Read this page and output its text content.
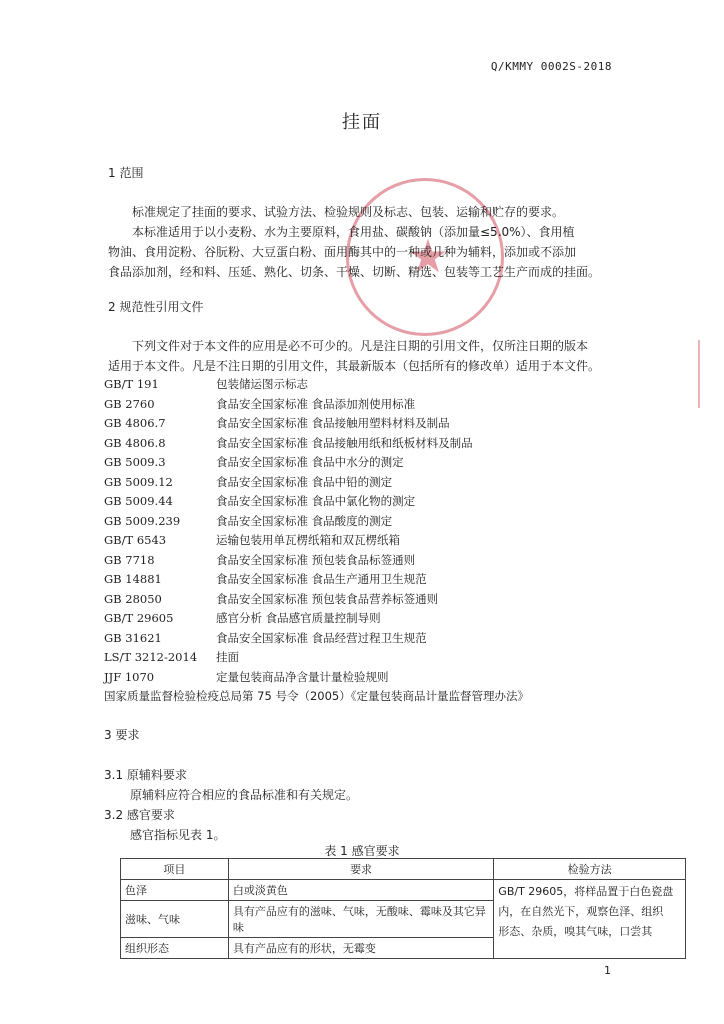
Q/KMMY 0002S-2018
挂面
★
1 范围
标准规定了挂面的要求、试验方法、检验规则及标志、包装、运输和贮存的要求。
本标准适用于以小麦粉、水为主要原料，食用盐、碳酸钠（添加量≤5.0%）、食用植
物油、食用淀粉、谷朊粉、大豆蛋白粉、面用酶其中的一种或几种为辅料，添加或不添加
食品添加剂，经和料、压延、熟化、切条、干燥、切断、精选、包装等工艺生产而成的挂面。
2 规范性引用文件
下列文件对于本文件的应用是必不可少的。凡是注日期的引用文件，仅所注日期的版本
适用于本文件。凡是不注日期的引用文件，其最新版本（包括所有的修改单）适用于本文件。
GB/T 191	包装储运图示标志
GB 2760	食品安全国家标准 食品添加剂使用标准
GB 4806.7	食品安全国家标准 食品接触用塑料材料及制品
GB 4806.8	食品安全国家标准 食品接触用纸和纸板材料及制品
GB 5009.3	食品安全国家标准 食品中水分的测定
GB 5009.12	食品安全国家标准 食品中铅的测定
GB 5009.44	食品安全国家标准 食品中氯化物的测定
GB 5009.239	食品安全国家标准 食品酸度的测定
GB/T 6543	运输包装用单瓦楞纸箱和双瓦楞纸箱
GB 7718	食品安全国家标准 预包装食品标签通则
GB 14881	食品安全国家标准 食品生产通用卫生规范
GB 28050	食品安全国家标准 预包装食品营养标签通则
GB/T 29605	感官分析 食品感官质量控制导则
GB 31621	食品安全国家标准 食品经营过程卫生规范
LS/T 3212-2014 挂面
JJF 1070	定量包装商品净含量计量检验规则
国家质量监督检验检疫总局第 75 号令（2005）《定量包装商品计量监督管理办法》
3 要求
3.1 原辅料要求
原辅料应符合相应的食品标准和有关规定。
3.2 感官要求
感官指标见表 1。
表 1 感官要求
项目	要求	检验方法
色泽	白或淡黄色	GB/T 29605，将样品置于白色瓷盘
内，在自然光下，观察色泽、组织
形态、杂质，嗅其气味，口尝其

滋味、气味	具有产品应有的滋味、气味，无酸味、霉味及其它异味	
组织形态	具有产品应有的形状，无霉变	
1
